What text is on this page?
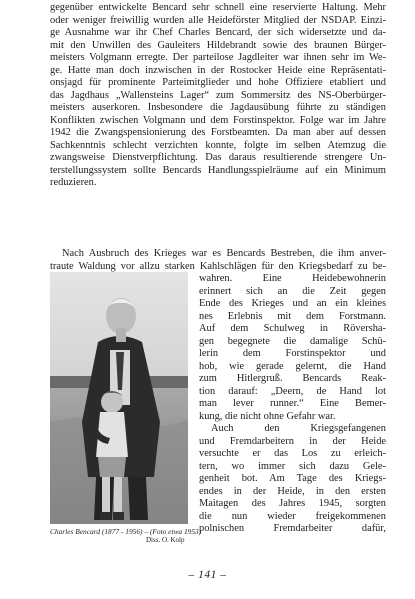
gegenüber entwickelte Bencard sehr schnell eine reservierte Haltung. Mehr
oder weniger freiwillig wurden alle Heideförster Mitglied der NSDAP. Einzi-
ge Ausnahme war ihr Chef Charles Bencard, der sich widersetzte und da-
mit den Unwillen des Gauleiters Hildebrandt sowie des braunen Bürger-
meisters Volgmann erregte. Der parteilose Jagdleiter war ihnen sehr im We-
ge. Hatte man doch inzwischen in der Rostocker Heide eine Repräsentati-
onsjagd für prominente Parteimitglieder und hohe Offiziere etabliert und
das Jagdhaus „Wallensteins Lager“ zum Sommersitz des NS-Oberbürger-
meisters auserkoren. Insbesondere die Jagdausübung führte zu ständigen
Konflikten zwischen Volgmann und dem Forstinspektor. Folge war im Jahre
1942 die Zwangspensionierung des Forstbeamten. Da man aber auf dessen
Sachkenntnis schlecht verzichten konnte, folgte im selben Atemzug die
zwangsweise Dienstverpflichtung. Das daraus resultierende strengere Un-
terstellungssystem sollte Bencards Handlungsspielräume auf ein Minimum
reduzieren.
Nach Ausbruch des Krieges war es Bencards Bestreben, die ihm anver-
traute Waldung vor allzu starken Kahlschlägen für den Kriegsbedarf zu be-
Charles Bencard (1877 - 1956) – (Foto etwa 1953)
Diss. O. Kolp
wahren. Eine Heidebewohnerin
erinnert sich an die Zeit gegen
Ende des Krieges und an ein kleines
nes Erlebnis mit dem Forstmann.
Auf dem Schulweg in Röversha-
gen begegnete die damalige Schü-
lerin dem Forstinspektor und
hob, wie gerade gelernt, die Hand
zum Hitlergruß. Bencards Reak-
tion darauf: „Deern, de Hand lot
man lever runner.“ Eine Bemer-
kung, die nicht ohne Gefahr war.
Auch den Kriegsgefangenen
und Fremdarbeitern in der Heide
versuchte er das Los zu erleich-
tern, wo immer sich dazu Gele-
genheit bot. Am Tage des Kriegs-
endes in der Heide, in den ersten
Maitagen des Jahres 1945, sorgten
die nun wieder freigekommenen
polnischen Fremdarbeiter dafür,
– 141 –
